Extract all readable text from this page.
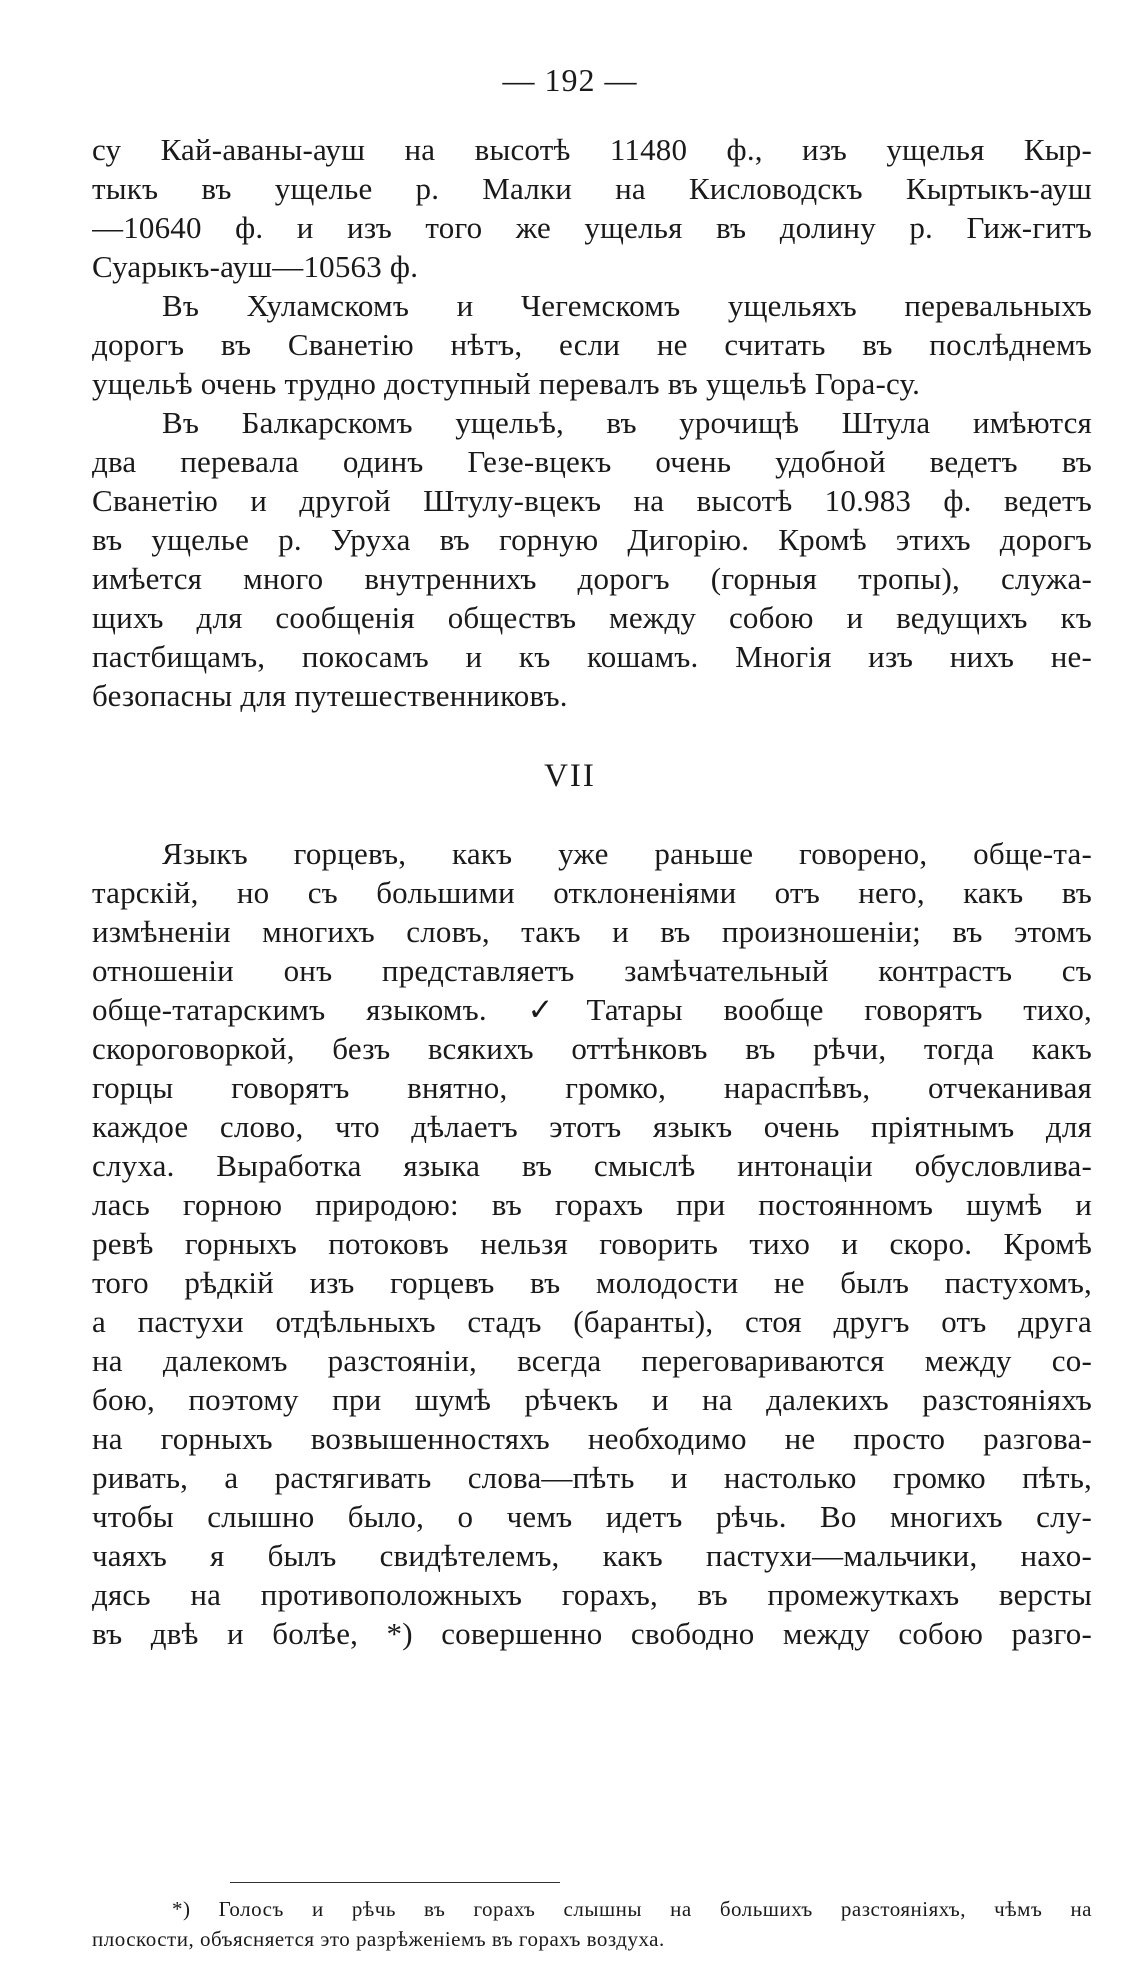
— 192 —
су Кай-аваны-ауш на высотѣ 11480 ф., изъ ущелья Кыр-
тыкъ въ ущелье р. Малки на Кисловодскъ Кыртыкъ-ауш
—10640 ф. и изъ того же ущелья въ долину р. Гиж-гитъ
Суарыкъ-ауш—10563 ф.
Въ Хуламскомъ и Чегемскомъ ущельяхъ перевальныхъ
дорогъ въ Сванетію нѣтъ, если не считать въ послѣднемъ
ущельѣ очень трудно доступный перевалъ въ ущельѣ Гора-су.
Въ Балкарскомъ ущельѣ, въ урочищѣ Штула имѣются
два перевала одинъ Гезе-вцекъ очень удобной ведетъ въ
Сванетію и другой Штулу-вцекъ на высотѣ 10.983 ф. ведетъ
въ ущелье р. Уруха въ горную Дигорію. Кромѣ этихъ дорогъ
имѣется много внутреннихъ дорогъ (горныя тропы), служа-
щихъ для сообщенія обществъ между собою и ведущихъ къ
пастбищамъ, покосамъ и къ кошамъ. Многія изъ нихъ не-
безопасны для путешественниковъ.
VII
Языкъ горцевъ, какъ уже раньше говорено, обще-та-
тарскій, но съ большими отклоненіями отъ него, какъ въ
измѣненіи многихъ словъ, такъ и въ произношеніи; въ этомъ
отношеніи онъ представляетъ замѣчательный контрастъ съ
обще-татарскимъ языкомъ. ✓Татары вообще говорятъ тихо,
скороговоркой, безъ всякихъ оттѣнковъ въ рѣчи, тогда какъ
горцы говорятъ внятно, громко, нараспѣвъ, отчеканивая
каждое слово, что дѣлаетъ этотъ языкъ очень пріятнымъ для
слуха. Выработка языка въ смыслѣ интонаціи обусловлива-
лась горною природою: въ горахъ при постоянномъ шумѣ и
ревѣ горныхъ потоковъ нельзя говорить тихо и скоро. Кромѣ
того рѣдкій изъ горцевъ въ молодости не былъ пастухомъ,
а пастухи отдѣльныхъ стадъ (баранты), стоя другъ отъ друга
на далекомъ разстояніи, всегда переговариваются между со-
бою, поэтому при шумѣ рѣчекъ и на далекихъ разстояніяхъ
на горныхъ возвышенностяхъ необходимо не просто разгова-
ривать, а растягивать слова—пѣть и настолько громко пѣть,
чтобы слышно было, о чемъ идетъ рѣчь. Во многихъ слу-
чаяхъ я былъ свидѣтелемъ, какъ пастухи—мальчики, нахо-
дясь на противоположныхъ горахъ, въ промежуткахъ версты
въ двѣ и болѣе, *) совершенно свободно между собою разго-
*) Голосъ и рѣчь въ горахъ слышны на большихъ разстояніяхъ, чѣмъ на
плоскости, объясняется это разрѣженіемъ въ горахъ воздуха.
